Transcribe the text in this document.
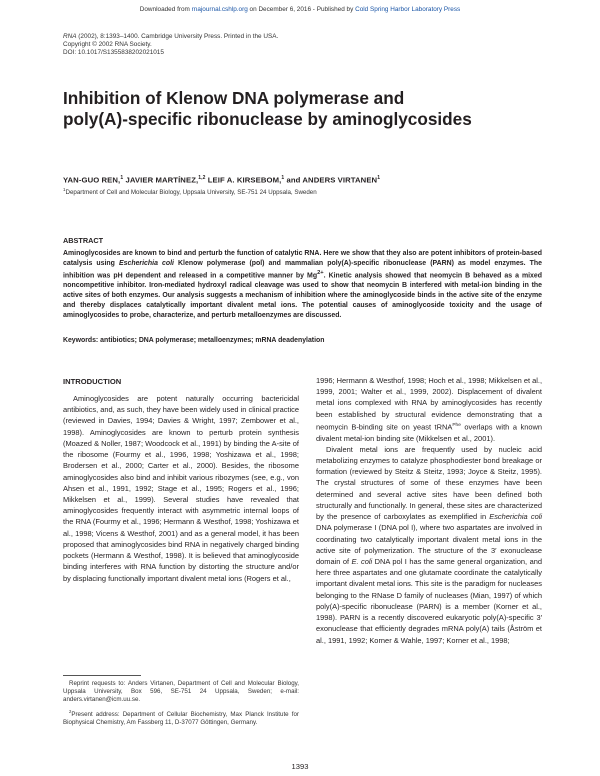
Downloaded from rnajournal.cshlp.org on December 6, 2016 - Published by Cold Spring Harbor Laboratory Press
RNA (2002), 8:1393–1400. Cambridge University Press. Printed in the USA.
Copyright © 2002 RNA Society.
DOI: 10.1017/S1355838202021015
Inhibition of Klenow DNA polymerase and
poly(A)-specific ribonuclease by aminoglycosides
YAN-GUO REN,$^1$ JAVIER MARTÍNEZ,$^{1,2}$ LEIF A. KIRSEBOM,$^1$ and ANDERS VIRTANEN$^1$
$^1$Department of Cell and Molecular Biology, Uppsala University, SE-751 24 Uppsala, Sweden
ABSTRACT
Aminoglycosides are known to bind and perturb the function of catalytic RNA. Here we show that they also are potent inhibitors of protein-based catalysis using Escherichia coli Klenow polymerase (pol) and mammalian poly(A)-specific ribonuclease (PARN) as model enzymes. The inhibition was pH dependent and released in a competitive manner by $Mg^{2+}$. Kinetic analysis showed that neomycin B behaved as a mixed noncompetitive inhibitor. Iron-mediated hydroxyl radical cleavage was used to show that neomycin B interfered with metal-ion binding in the active sites of both enzymes. Our analysis suggests a mechanism of inhibition where the aminoglycoside binds in the active site of the enzyme and thereby displaces catalytically important divalent metal ions. The potential causes of aminoglycoside toxicity and the usage of aminoglycosides to probe, characterize, and perturb metalloenzymes are discussed.
Keywords: antibiotics; DNA polymerase; metalloenzymes; mRNA deadenylation
INTRODUCTION

Aminoglycosides are potent naturally occurring bactericidal antibiotics, and, as such, they have been widely used in clinical practice (reviewed in Davies, 1994; Davies & Wright, 1997; Zembower et al., 1998). Aminoglycosides are known to perturb protein synthesis (Moazed & Noller, 1987; Woodcock et al., 1991) by binding the A-site of the ribosome (Fourmy et al., 1996, 1998; Yoshizawa et al., 1998; Brodersen et al., 2000; Carter et al., 2000). Besides, the ribosome aminoglycosides also bind and inhibit various ribozymes (see, e.g., von Ahsen et al., 1991, 1992; Stage et al., 1995; Rogers et al., 1996; Mikkelsen et al., 1999). Several studies have revealed that aminoglycosides frequently interact with asymmetric internal loops of the RNA (Fourmy et al., 1996; Hermann & Westhof, 1998; Yoshizawa et al., 1998; Vicens & Westhof, 2001) and as a general model, it has been proposed that aminoglycosides bind RNA in negatively charged binding pockets (Hermann & Westhof, 1998). It is believed that aminoglycoside binding interferes with RNA function by distorting the structure and/or by displacing functionally important divalent metal ions (Rogers et al.,

1996; Hermann & Westhof, 1998; Hoch et al., 1998; Mikkelsen et al., 1999, 2001; Walter et al., 1999, 2002). Displacement of divalent metal ions complexed with RNA by aminoglycosides has recently been established by structural evidence demonstrating that a neomycin B-binding site on yeast tRNA$^{Phe}$ overlaps with a known divalent metal-ion binding site (Mikkelsen et al., 2001).

Divalent metal ions are frequently used by nucleic acid metabolizing enzymes to catalyze phosphodiester bond breakage or formation (reviewed by Steitz & Steitz, 1993; Joyce & Steitz, 1995). The crystal structures of some of these enzymes have been determined and several active sites have been defined both structurally and functionally. In general, these sites are characterized by the presence of carboxylates as exemplified in Escherichia coli DNA polymerase I (DNA pol I), where two aspartates are involved in coordinating two catalytically important divalent metal ions in the active site of polymerization. The structure of the 3′ exonuclease domain of E. coli DNA pol I has the same general organization, and here three aspartates and one glutamate coordinate the catalytically important divalent metal ions. This site is the paradigm for nucleases belonging to the RNase D family of nucleases (Mian, 1997) of which poly(A)-specific ribonuclease (PARN) is a member (Korner et al., 1998). PARN is a recently discovered eukaryotic poly(A)-specific 3′ exonuclease that efficiently degrades mRNA poly(A) tails (Åström et al., 1991, 1992; Korner & Wahle, 1997; Korner et al., 1998;

Reprint requests to: Anders Virtanen, Department of Cell and Molecular Biology, Uppsala University, Box 596, SE-751 24 Uppsala, Sweden; e-mail: anders.virtanen@icm.uu.se.

$^2$Present address: Department of Cellular Biochemistry, Max Planck Institute for Biophysical Chemistry, Am Fassberg 11, D-37077 Göttingen, Germany.

1393
